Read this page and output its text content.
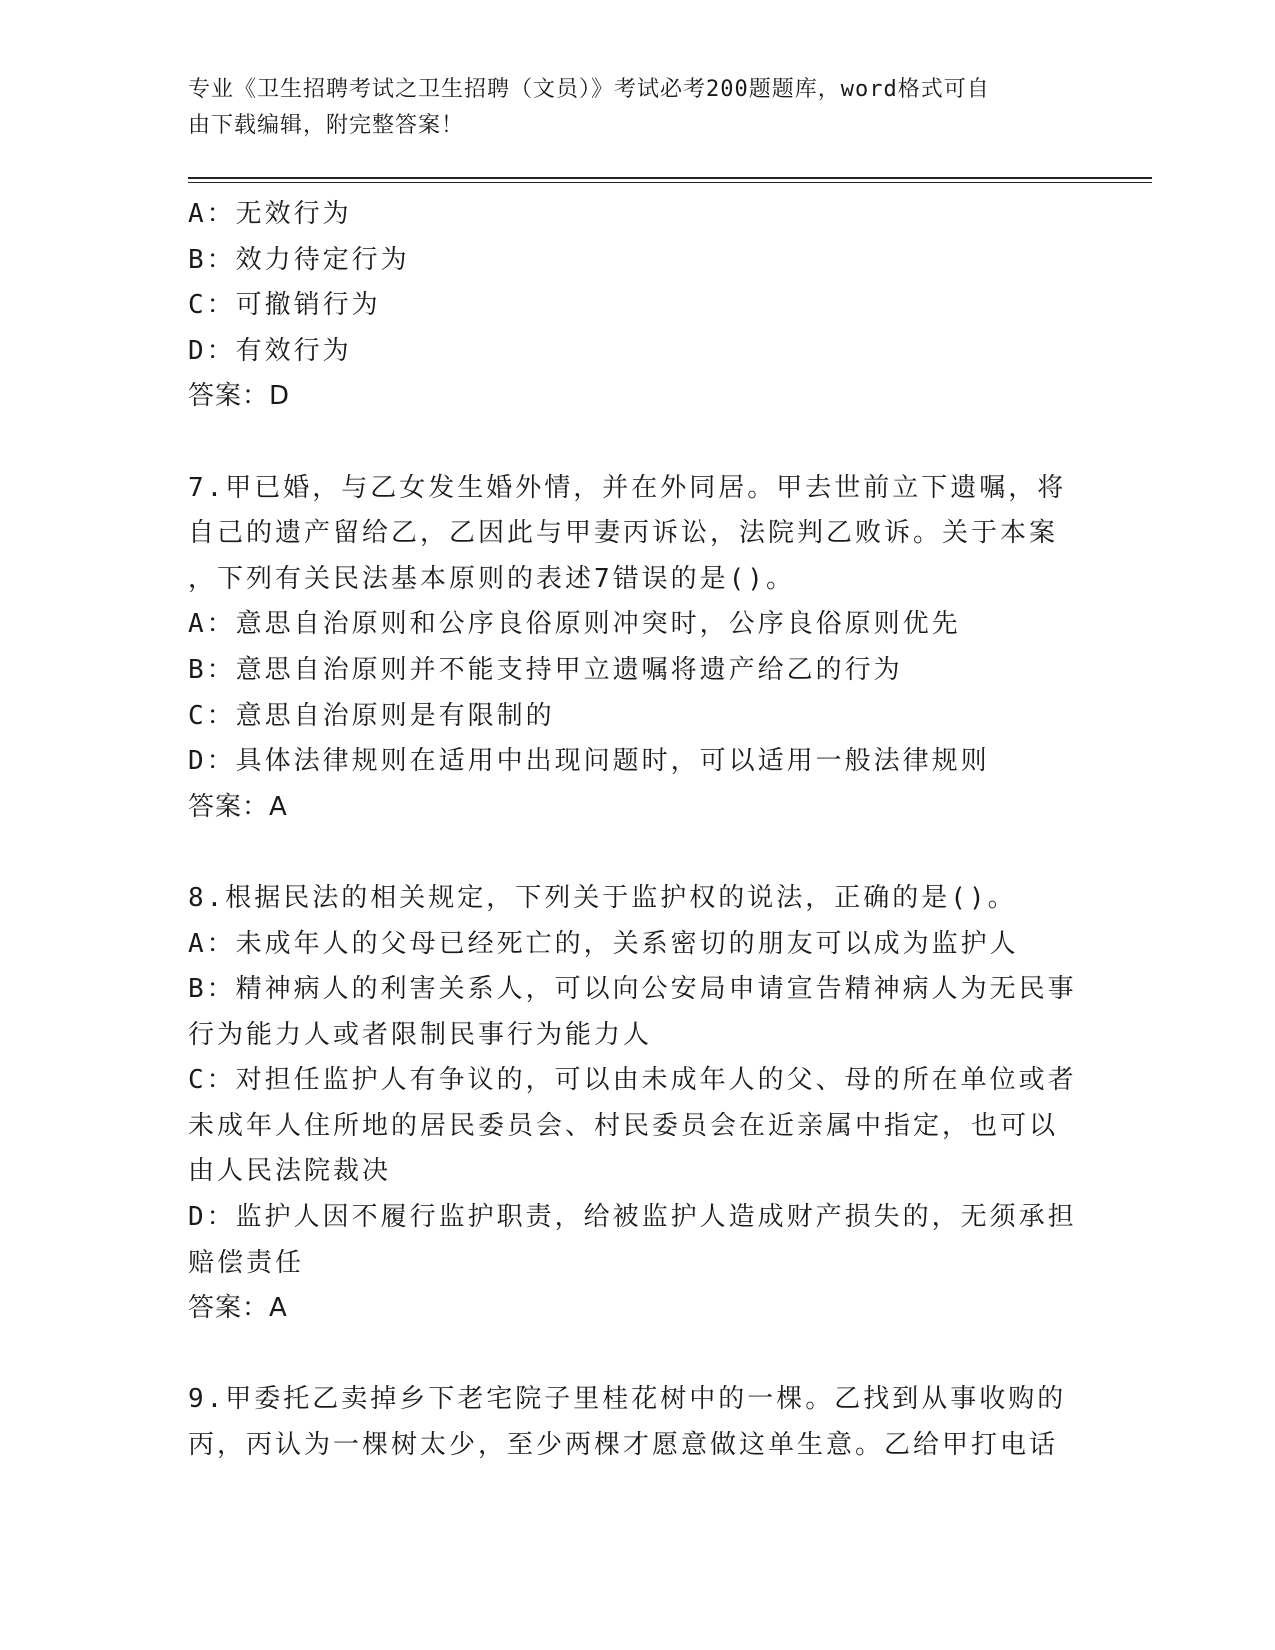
专业《卫生招聘考试之卫生招聘（文员）》考试必考200题题库，word格式可自
由下载编辑，附完整答案！
A：无效行为
B：效力待定行为
C：可撤销行为
D：有效行为
答案：D
7.甲已婚，与乙女发生婚外情，并在外同居。甲去世前立下遗嘱，将
自己的遗产留给乙，乙因此与甲妻丙诉讼，法院判乙败诉。关于本案
，下列有关民法基本原则的表述7错误的是()。
A：意思自治原则和公序良俗原则冲突时，公序良俗原则优先
B：意思自治原则并不能支持甲立遗嘱将遗产给乙的行为
C：意思自治原则是有限制的
D：具体法律规则在适用中出现问题时，可以适用一般法律规则
答案：A
8.根据民法的相关规定，下列关于监护权的说法，正确的是()。
A：未成年人的父母已经死亡的，关系密切的朋友可以成为监护人
B：精神病人的利害关系人，可以向公安局申请宣告精神病人为无民事
行为能力人或者限制民事行为能力人
C：对担任监护人有争议的，可以由未成年人的父、母的所在单位或者
未成年人住所地的居民委员会、村民委员会在近亲属中指定，也可以
由人民法院裁决
D：监护人因不履行监护职责，给被监护人造成财产损失的，无须承担
赔偿责任
答案：A
9.甲委托乙卖掉乡下老宅院子里桂花树中的一棵。乙找到从事收购的
丙，丙认为一棵树太少，至少两棵才愿意做这单生意。乙给甲打电话
